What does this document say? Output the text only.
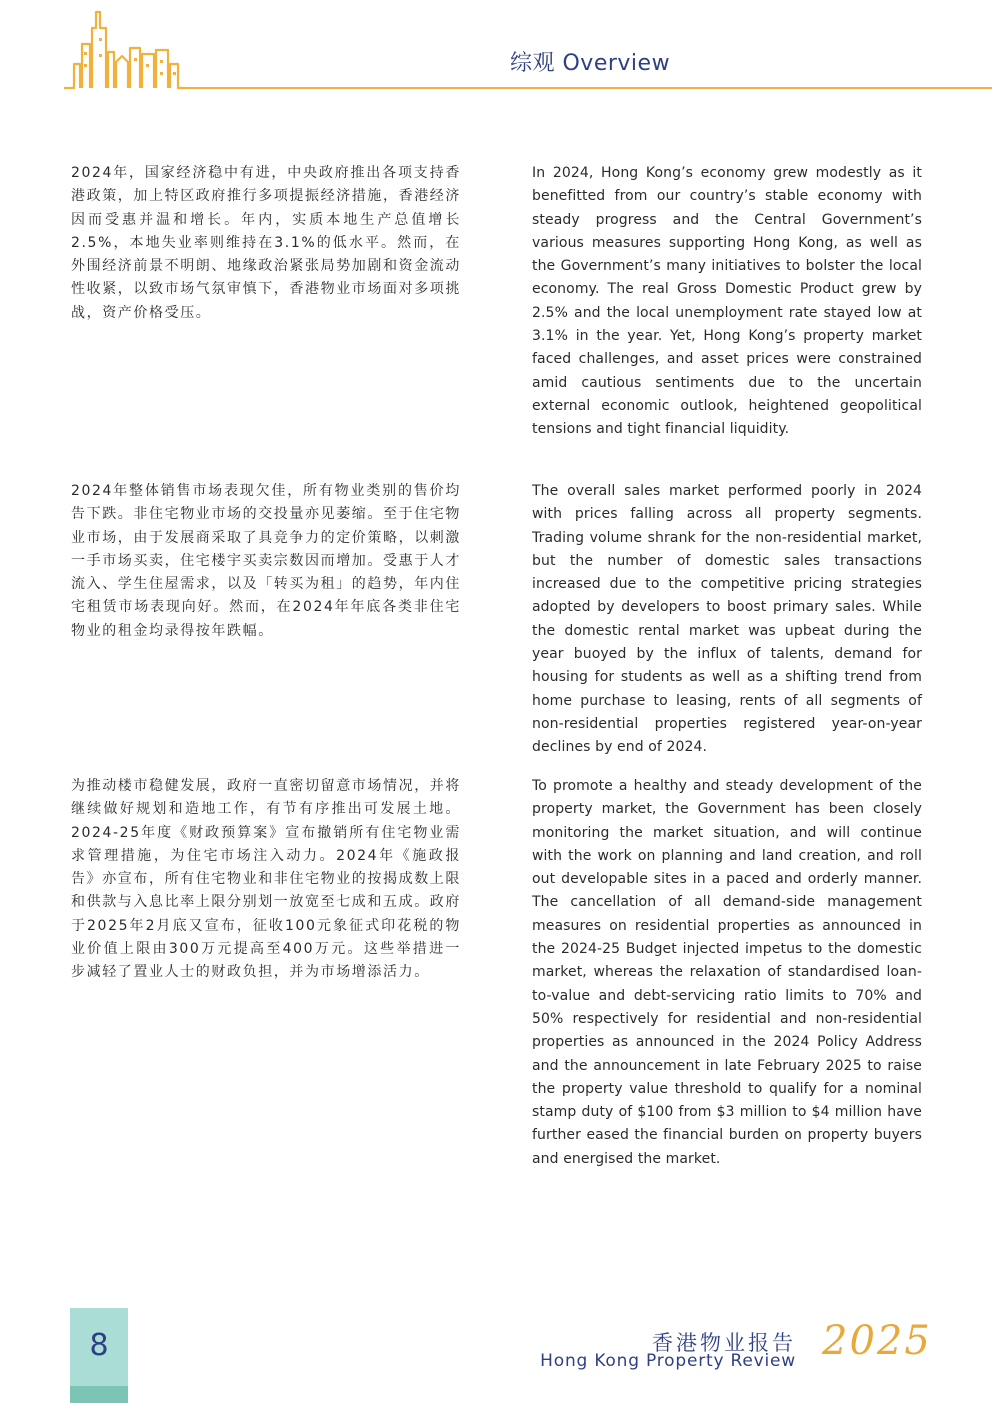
综观 Overview

2024年，国家经济稳中有进，中央政府推出各项支持香港政策，加上特区政府推行多项提振经济措施，香港经济因而受惠并温和增长。年内，实质本地生产总值增长2.5%，本地失业率则维持在3.1%的低水平。然而，在外围经济前景不明朗、地缘政治紧张局势加剧和资金流动性收紧，以致市场气氛审慎下，香港物业市场面对多项挑战，资产价格受压。

In 2024, Hong Kong’s economy grew modestly as it benefitted from our country’s stable economy with steady progress and the Central Government’s various measures supporting Hong Kong, as well as the Government’s many initiatives to bolster the local economy. The real Gross Domestic Product grew by 2.5% and the local unemployment rate stayed low at 3.1% in the year. Yet, Hong Kong’s property market faced challenges, and asset prices were constrained amid cautious sentiments due to the uncertain external economic outlook, heightened geopolitical tensions and tight financial liquidity.

2024年整体销售市场表现欠佳，所有物业类别的售价均告下跌。非住宅物业市场的交投量亦见萎缩。至于住宅物业市场，由于发展商采取了具竞争力的定价策略，以刺激一手市场买卖，住宅楼宇买卖宗数因而增加。受惠于人才流入、学生住屋需求，以及「转买为租」的趋势，年内住宅租赁市场表现向好。然而，在2024年年底各类非住宅物业的租金均录得按年跌幅。

The overall sales market performed poorly in 2024 with prices falling across all property segments. Trading volume shrank for the non-residential market, but the number of domestic sales transactions increased due to the competitive pricing strategies adopted by developers to boost primary sales. While the domestic rental market was upbeat during the year buoyed by the influx of talents, demand for housing for students as well as a shifting trend from home purchase to leasing, rents of all segments of non-residential properties registered year-on-year declines by end of 2024.

为推动楼市稳健发展，政府一直密切留意市场情况，并将继续做好规划和造地工作，有节有序推出可发展土地。2024-25年度《财政预算案》宣布撤销所有住宅物业需求管理措施，为住宅市场注入动力。2024年《施政报告》亦宣布，所有住宅物业和非住宅物业的按揭成数上限和供款与入息比率上限分别划一放宽至七成和五成。政府于2025年2月底又宣布，征收100元象征式印花税的物业价值上限由300万元提高至400万元。这些举措进一步减轻了置业人士的财政负担，并为市场增添活力。

To promote a healthy and steady development of the property market, the Government has been closely monitoring the market situation, and will continue with the work on planning and land creation, and roll out developable sites in a paced and orderly manner. The cancellation of all demand-side management measures on residential properties as announced in the 2024-25 Budget injected impetus to the domestic market, whereas the relaxation of standardised loan-to-value and debt-servicing ratio limits to 70% and 50% respectively for residential and non-residential properties as announced in the 2024 Policy Address and the announcement in late February 2025 to raise the property value threshold to qualify for a nominal stamp duty of $100 from $3 million to $4 million have further eased the financial burden on property buyers and energised the market.

8	香港物业报告
Hong Kong Property Review 2025
